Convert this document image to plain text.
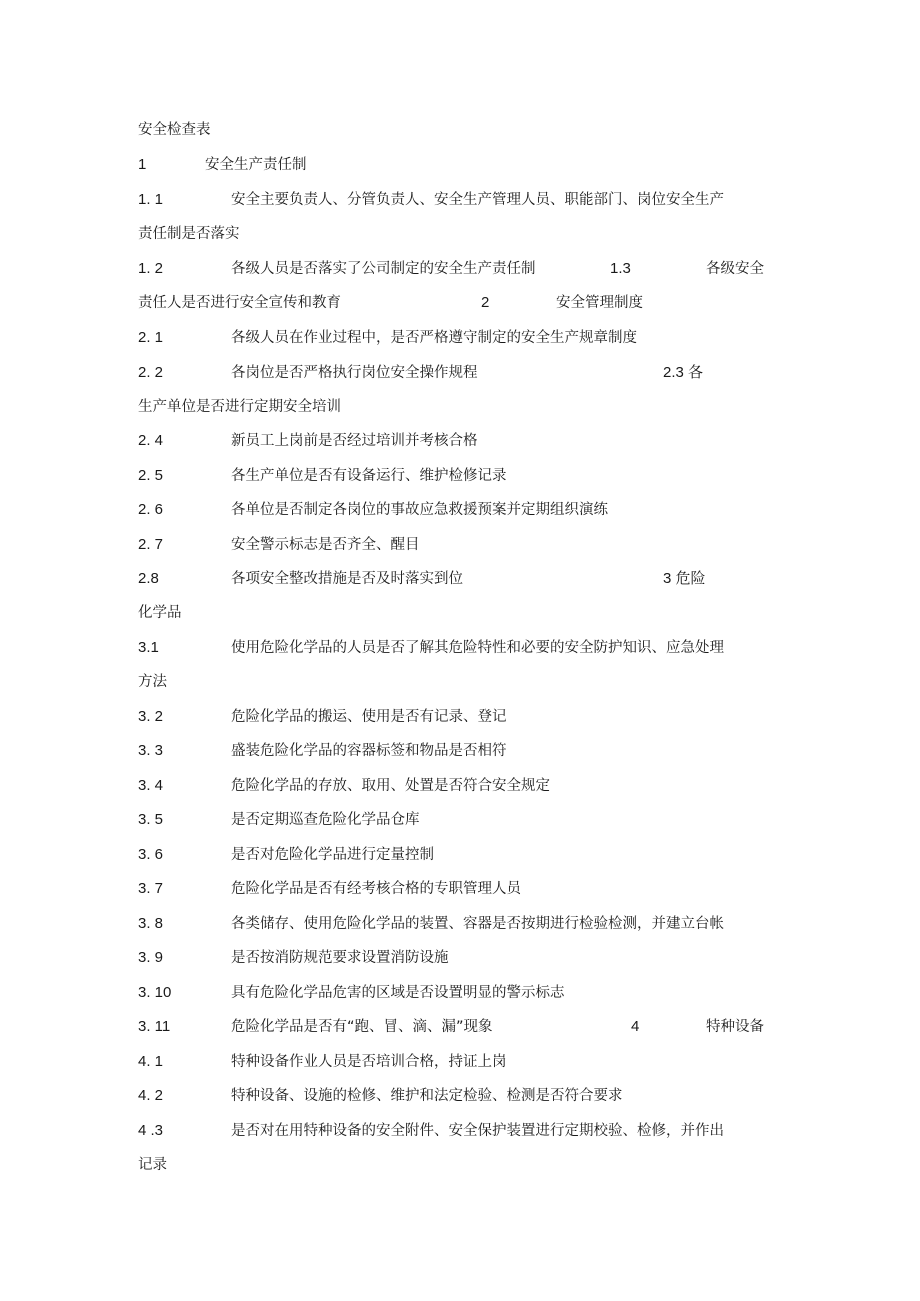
安全检查表
1	安全生产责任制
1. 1	安全主要负责人、分管负责人、安全生产管理人员、职能部门、岗位安全生产
责任制是否落实
1. 2	各级人员是否落实了公司制定的安全生产责任制	1.3	各级安全
责任人是否进行安全宣传和教育	2	安全管理制度
2. 1	各级人员在作业过程中，是否严格遵守制定的安全生产规章制度
2. 2	各岗位是否严格执行岗位安全操作规程	2.3 各
生产单位是否进行定期安全培训
2. 4	新员工上岗前是否经过培训并考核合格
2. 5	各生产单位是否有设备运行、维护检修记录
2. 6	各单位是否制定各岗位的事故应急救援预案并定期组织演练
2. 7	安全警示标志是否齐全、醒目
2.8	各项安全整改措施是否及时落实到位	3 危险
化学品
3.1	使用危险化学品的人员是否了解其危险特性和必要的安全防护知识、应急处理
方法
3. 2	危险化学品的搬运、使用是否有记录、登记
3. 3	盛装危险化学品的容器标签和物品是否相符
3. 4	危险化学品的存放、取用、处置是否符合安全规定
3. 5	是否定期巡查危险化学品仓库
3. 6	是否对危险化学品进行定量控制
3. 7	危险化学品是否有经考核合格的专职管理人员
3. 8	各类储存、使用危险化学品的装置、容器是否按期进行检验检测，并建立台帐
3. 9	是否按消防规范要求设置消防设施
3. 10	具有危险化学品危害的区域是否设置明显的警示标志
3. 11	危险化学品是否有“跑、冒、滴、漏”现象	4	特种设备
4. 1	特种设备作业人员是否培训合格，持证上岗
4. 2	特种设备、设施的检修、维护和法定检验、检测是否符合要求
4 .3	是否对在用特种设备的安全附件、安全保护装置进行定期校验、检修，并作出
记录
